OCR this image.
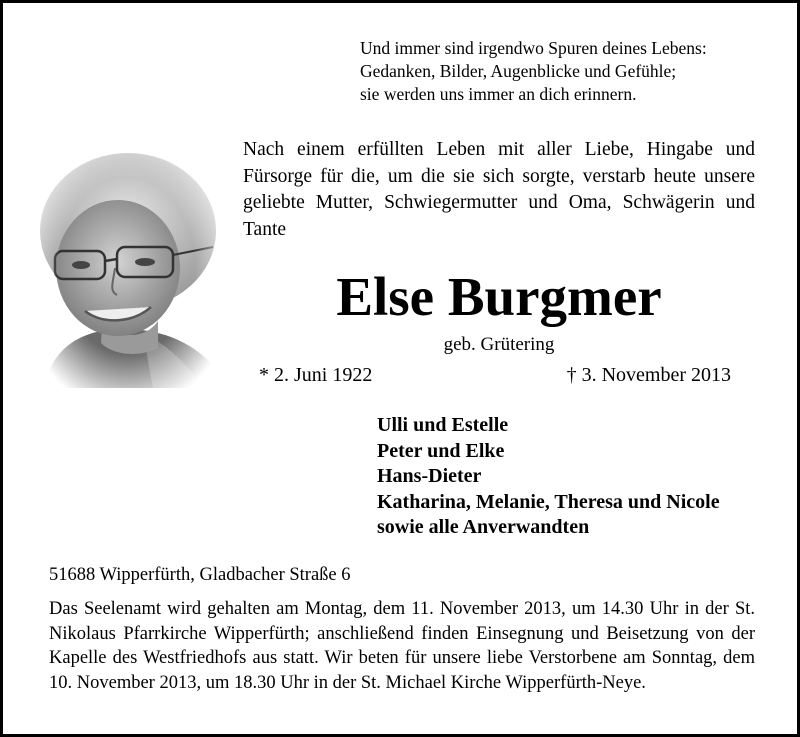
Und immer sind irgendwo Spuren deines Lebens:
Gedanken, Bilder, Augenblicke und Gefühle;
sie werden uns immer an dich erinnern.
Nach einem erfüllten Leben mit aller Liebe, Hingabe und Fürsorge für die, um die sie sich sorgte, verstarb heute unsere geliebte Mutter, Schwiegermutter und Oma, Schwägerin und Tante
Else Burgmer
geb. Grütering
* 2. Juni 1922	† 3. November 2013
Ulli und Estelle
Peter und Elke
Hans-Dieter
Katharina, Melanie, Theresa und Nicole
sowie alle Anverwandten
51688 Wipperfürth, Gladbacher Straße 6
Das Seelenamt wird gehalten am Montag, dem 11. November 2013, um 14.30 Uhr in der St. Nikolaus Pfarrkirche Wipperfürth; anschließend finden Einsegnung und Beisetzung von der Kapelle des Westfriedhofs aus statt. Wir beten für unsere liebe Verstorbene am Sonntag, dem 10. November 2013, um 18.30 Uhr in der St. Michael Kirche Wipperfürth-Neye.
